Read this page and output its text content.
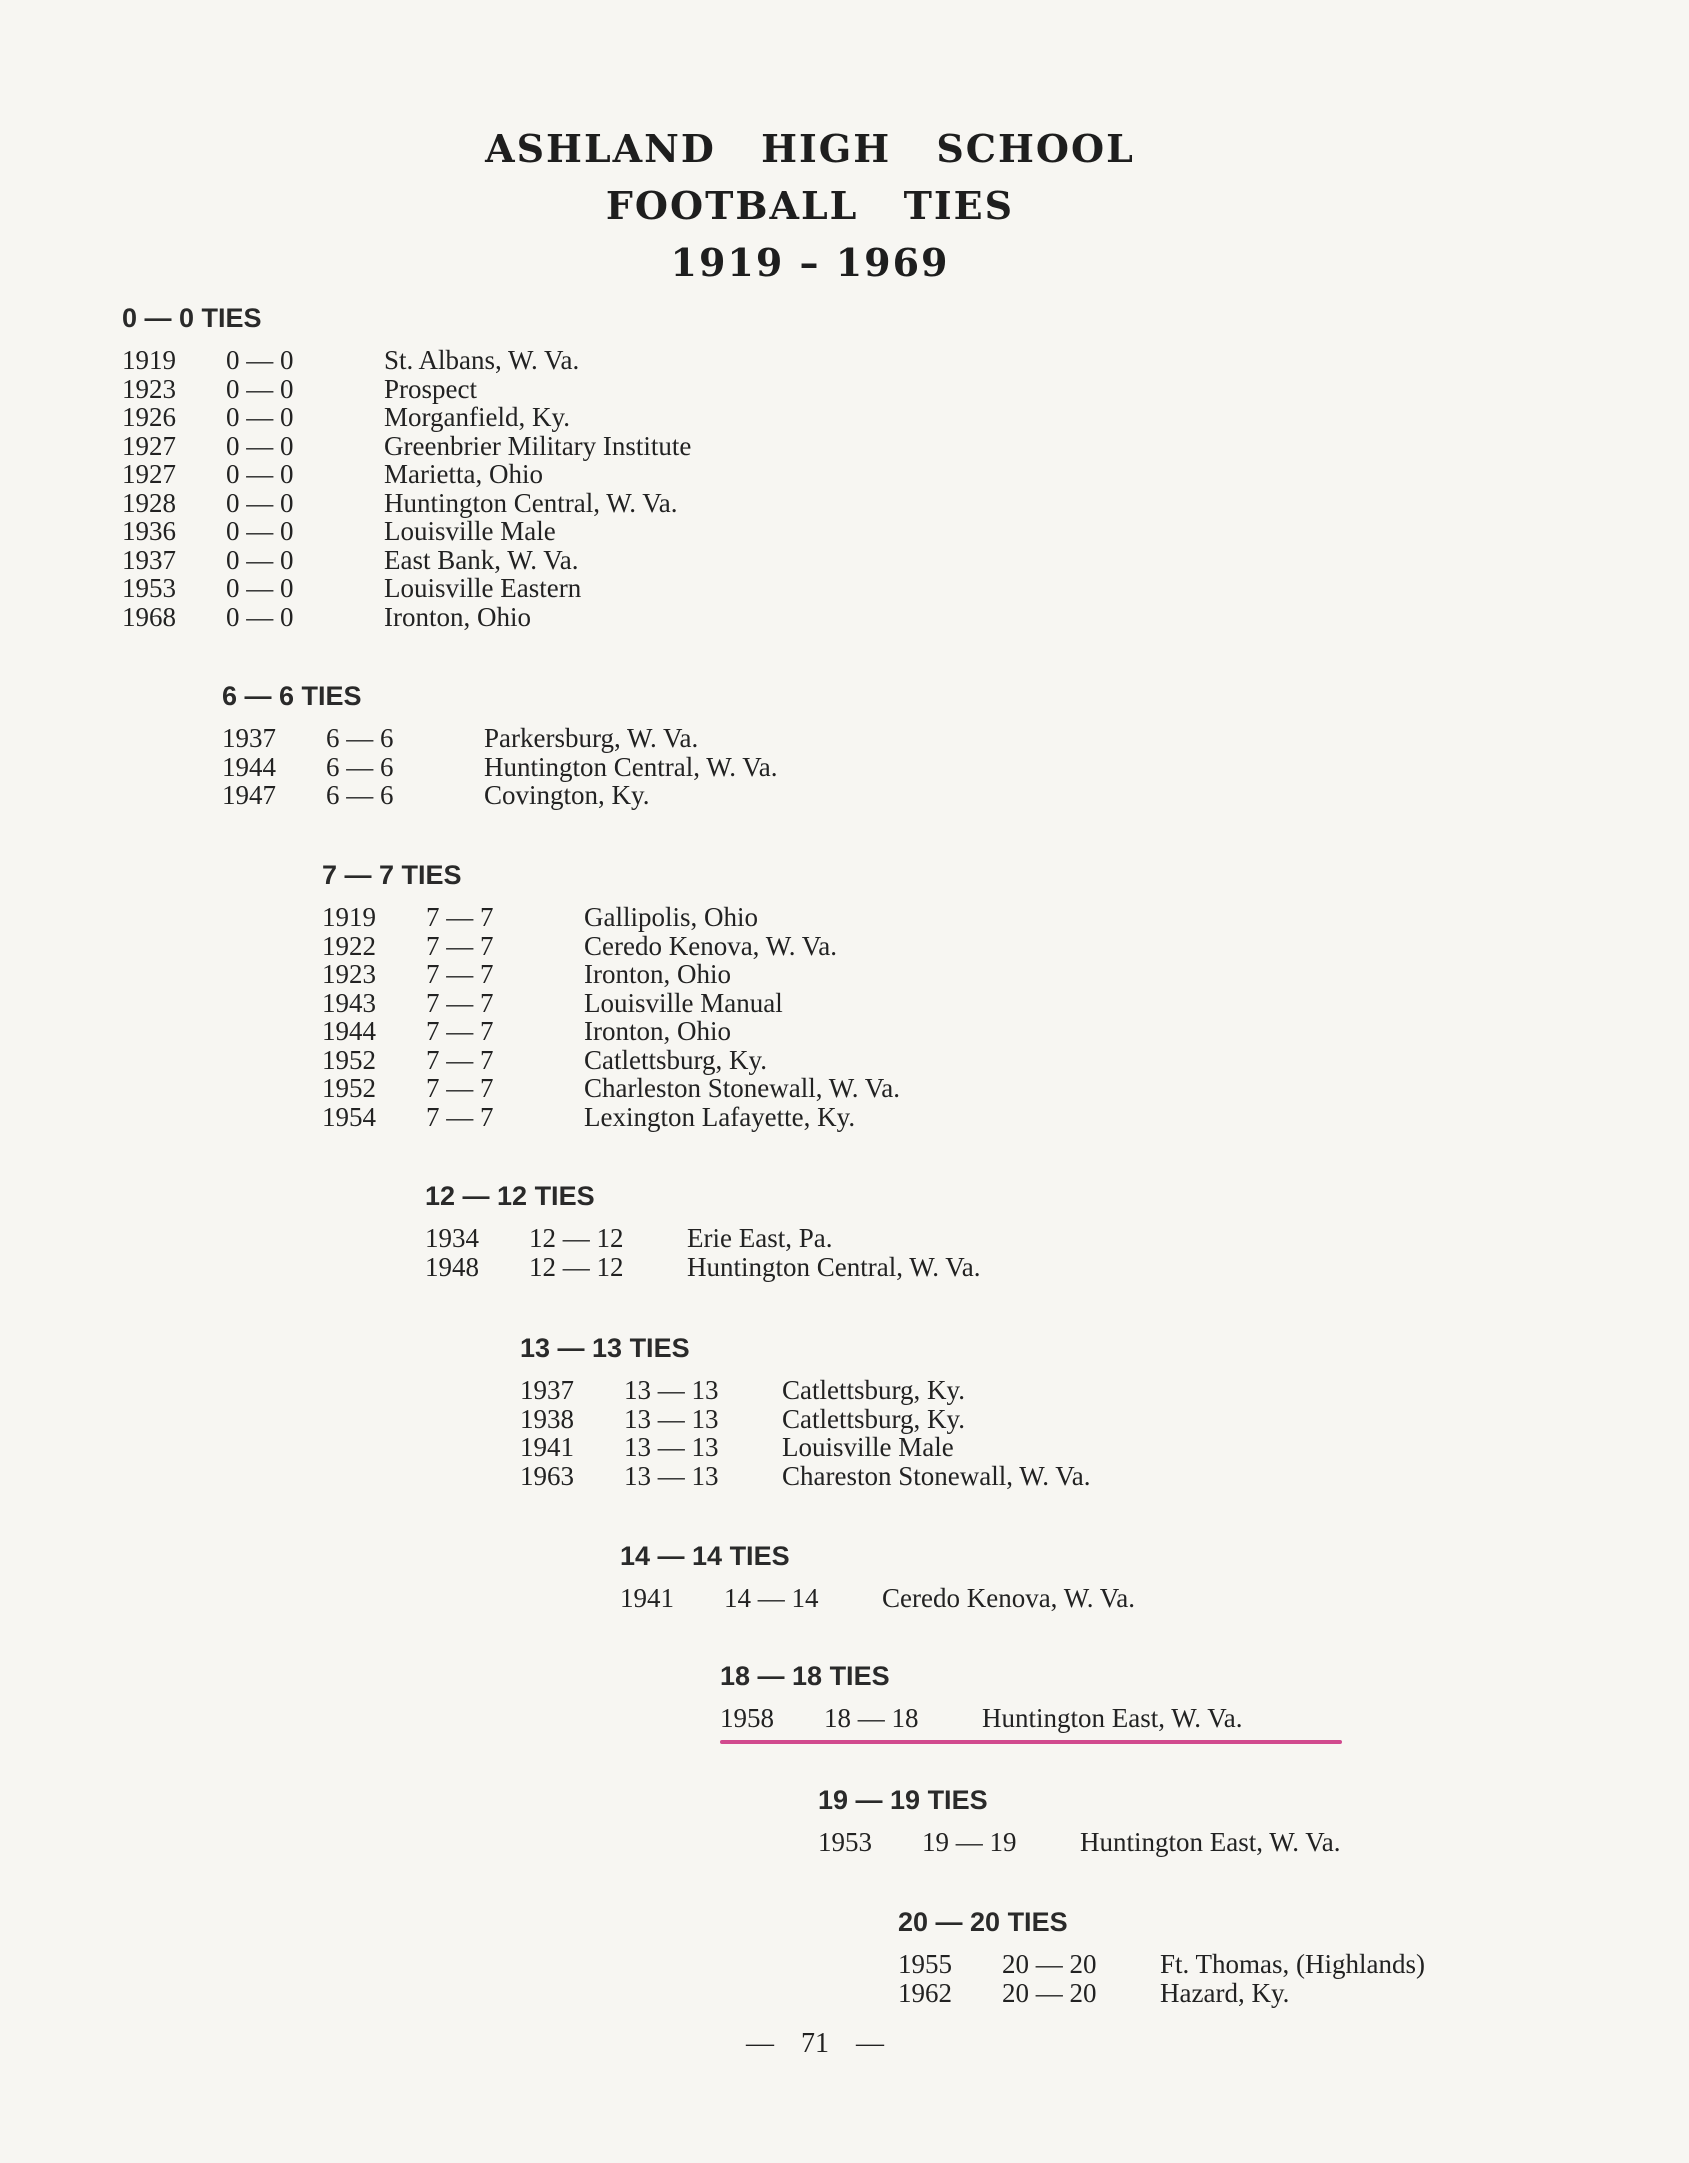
ASHLAND HIGH SCHOOL
FOOTBALL TIES
1919 – 1969
0 — 0 TIES
1919 0 — 0	St. Albans, W. Va.
1923 0 — 0	Prospect
1926 0 — 0	Morganfield, Ky.
1927 0 — 0	Greenbrier Military Institute
1927 0 — 0	Marietta, Ohio
1928 0 — 0	Huntington Central, W. Va.
1936 0 — 0	Louisville Male
1937 0 — 0	East Bank, W. Va.
1953 0 — 0	Louisville Eastern
1968 0 — 0	Ironton, Ohio
6 — 6 TIES
1937 6 — 6	Parkersburg, W. Va.
1944 6 — 6	Huntington Central, W. Va.
1947 6 — 6	Covington, Ky.
7 — 7 TIES
1919 7 — 7	Gallipolis, Ohio
1922 7 — 7	Ceredo Kenova, W. Va.
1923 7 — 7	Ironton, Ohio
1943 7 — 7	Louisville Manual
1944 7 — 7	Ironton, Ohio
1952 7 — 7	Catlettsburg, Ky.
1952 7 — 7	Charleston Stonewall, W. Va.
1954 7 — 7	Lexington Lafayette, Ky.
12 — 12 TIES
1934 12 — 12 Erie East, Pa.
1948 12 — 12 Huntington Central, W. Va.
13 — 13 TIES
1937 13 — 13 Catlettsburg, Ky.
1938 13 — 13 Catlettsburg, Ky.
1941 13 — 13 Louisville Male
1963 13 — 13 Chareston Stonewall, W. Va.
14 — 14 TIES
1941 14 — 14 Ceredo Kenova, W. Va.
18 — 18 TIES
1958 18 — 18 Huntington East, W. Va.
19 — 19 TIES
1953 19 — 19 Huntington East, W. Va.
20 — 20 TIES
1955 20 — 20 Ft. Thomas, (Highlands)
1962 20 — 20 Hazard, Ky.
— 71 —
